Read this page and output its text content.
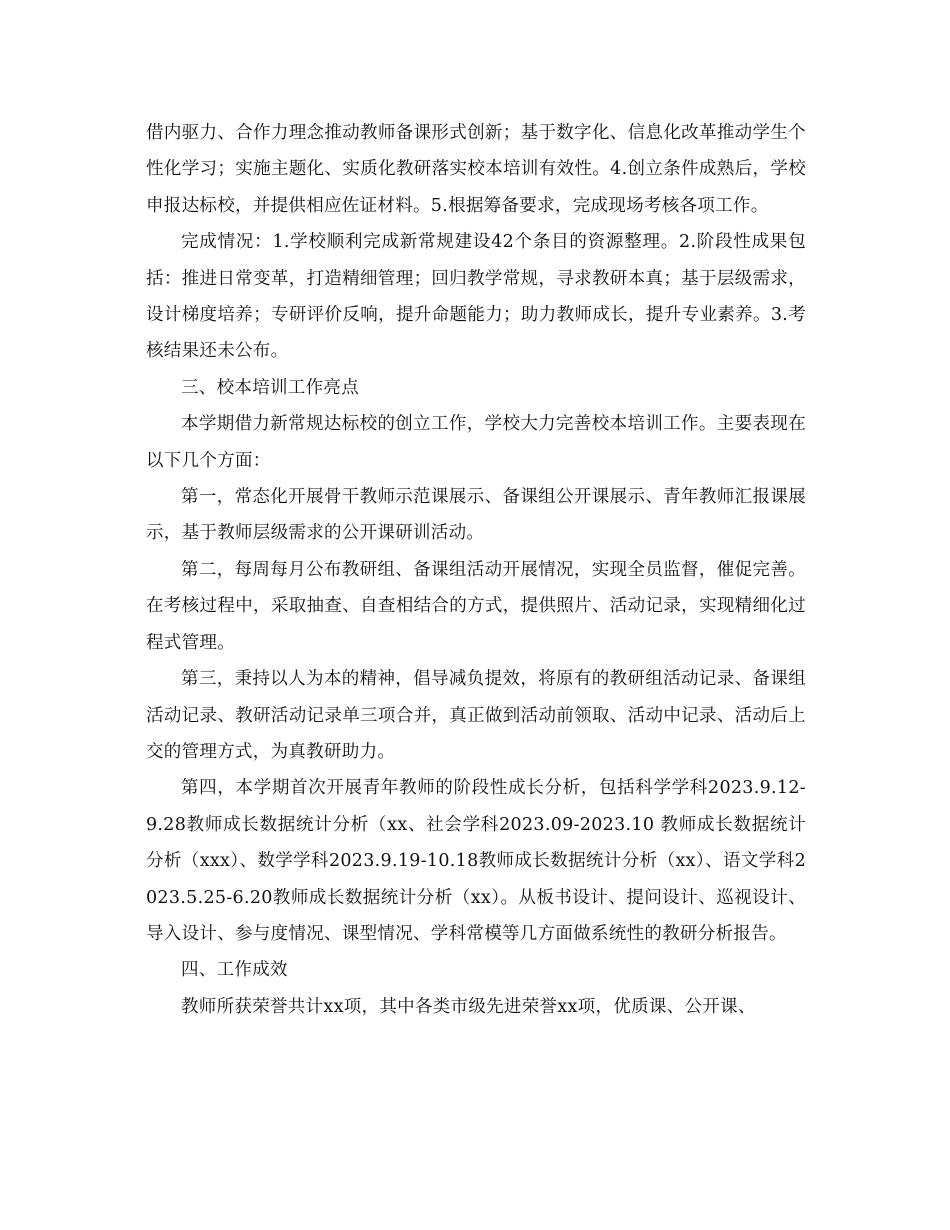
借内驱力、合作力理念推动教师备课形式创新；基于数字化、信息化改革推动学生个性化学习；实施主题化、实质化教研落实校本培训有效性。4.创立条件成熟后，学校申报达标校，并提供相应佐证材料。5.根据筹备要求，完成现场考核各项工作。

完成情况：1.学校顺利完成新常规建设42个条目的资源整理。2.阶段性成果包括：推进日常变革，打造精细管理；回归教学常规，寻求教研本真；基于层级需求，设计梯度培养；专研评价反响，提升命题能力；助力教师成长，提升专业素养。3.考核结果还未公布。

三、校本培训工作亮点

本学期借力新常规达标校的创立工作，学校大力完善校本培训工作。主要表现在以下几个方面：

第一，常态化开展骨干教师示范课展示、备课组公开课展示、青年教师汇报课展示，基于教师层级需求的公开课研训活动。

第二，每周每月公布教研组、备课组活动开展情况，实现全员监督，催促完善。在考核过程中，采取抽查、自查相结合的方式，提供照片、活动记录，实现精细化过程式管理。

第三，秉持以人为本的精神，倡导减负提效，将原有的教研组活动记录、备课组活动记录、教研活动记录单三项合并，真正做到活动前领取、活动中记录、活动后上交的管理方式，为真教研助力。

第四，本学期首次开展青年教师的阶段性成长分析，包括科学学科2023.9.12-9.28教师成长数据统计分析（xx、社会学科2023.09-2023.10 教师成长数据统计分析（xxx）、数学学科2023.9.19-10.18教师成长数据统计分析（xx）、语文学科2023.5.25-6.20教师成长数据统计分析（xx）。从板书设计、提问设计、巡视设计、导入设计、参与度情况、课型情况、学科常模等几方面做系统性的教研分析报告。

四、工作成效

教师所获荣誉共计xx项，其中各类市级先进荣誉xx项，优质课、公开课、
